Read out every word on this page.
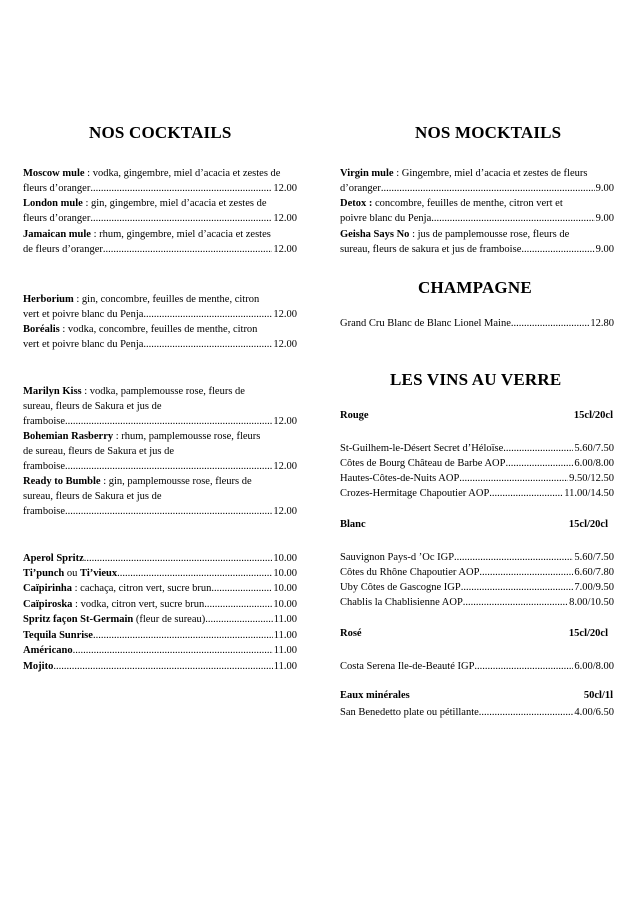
NOS COCKTAILS

Moscow mule : vodka, gingembre, miel d’acacia et zestes de

fleurs d’oranger .....	12.00

London mule : gin, gingembre, miel d’acacia et zestes de

fleurs d’oranger .....	12.00

Jamaican mule : rhum, gingembre, miel d’acacia et zestes

de fleurs d’oranger .....	12.00

Herborium : gin, concombre, feuilles de menthe, citron

vert et poivre blanc du Penja .....	12.00

Boréalis : vodka, concombre, feuilles de menthe, citron

vert et poivre blanc du Penja .....	12.00

Marilyn Kiss : vodka, pamplemousse rose, fleurs de

sureau, fleurs de Sakura et jus de

framboise .....	12.00

Bohemian Rasberry : rhum, pamplemousse rose, fleurs

de sureau, fleurs de Sakura et jus de

framboise .....	12.00

Ready to Bumble : gin, pamplemousse rose, fleurs de

sureau, fleurs de Sakura et jus de

framboise .....	12.00
Aperol Spritz .....	10.00
Ti’punch ou Ti’vieux .....	10.00
Caïpirinha : cachaça, citron vert, sucre brun .....	10.00
Caïpiroska : vodka, citron vert, sucre brun .....	10.00
Spritz façon St-Germain (fleur de sureau) .....	11.00
Tequila Sunrise .....	11.00
Américano .....	11.00
Mojito .....	11.00
NOS MOCKTAILS

Virgin mule : Gingembre, miel d’acacia et zestes de fleurs

d’oranger .....	9.00

Detox : concombre, feuilles de menthe, citron vert et

poivre blanc du Penja .....	9.00

Geisha Says No : jus de pamplemousse rose, fleurs de

sureau, fleurs de sakura et jus de framboise .....	9.00
CHAMPAGNE
Grand Cru Blanc de Blanc Lionel Maine .....	12.80
LES VINS AU VERRE
Rouge	15cl/20cl
St-Guilhem-le-Désert Secret d’Héloïse .....	5.60/7.50
Côtes de Bourg Château de Barbe AOP .....	6.00/8.00
Hautes-Côtes-de-Nuits AOP .....	9.50/12.50
Crozes-Hermitage Chapoutier AOP .....	11.00/14.50
Blanc	15cl/20cl
Sauvignon Pays-d ’Oc IGP .....	5.60/7.50
Côtes du Rhône Chapoutier AOP .....	6.60/7.80
Uby Côtes de Gascogne IGP .....	7.00/9.50
Chablis la Chablisienne AOP .....	8.00/10.50
Rosé	15cl/20cl
Costa Serena Ile-de-Beauté IGP .....	6.00/8.00
Eaux minérales	50cl/1l
San Benedetto plate ou pétillante .....	4.00/6.50
